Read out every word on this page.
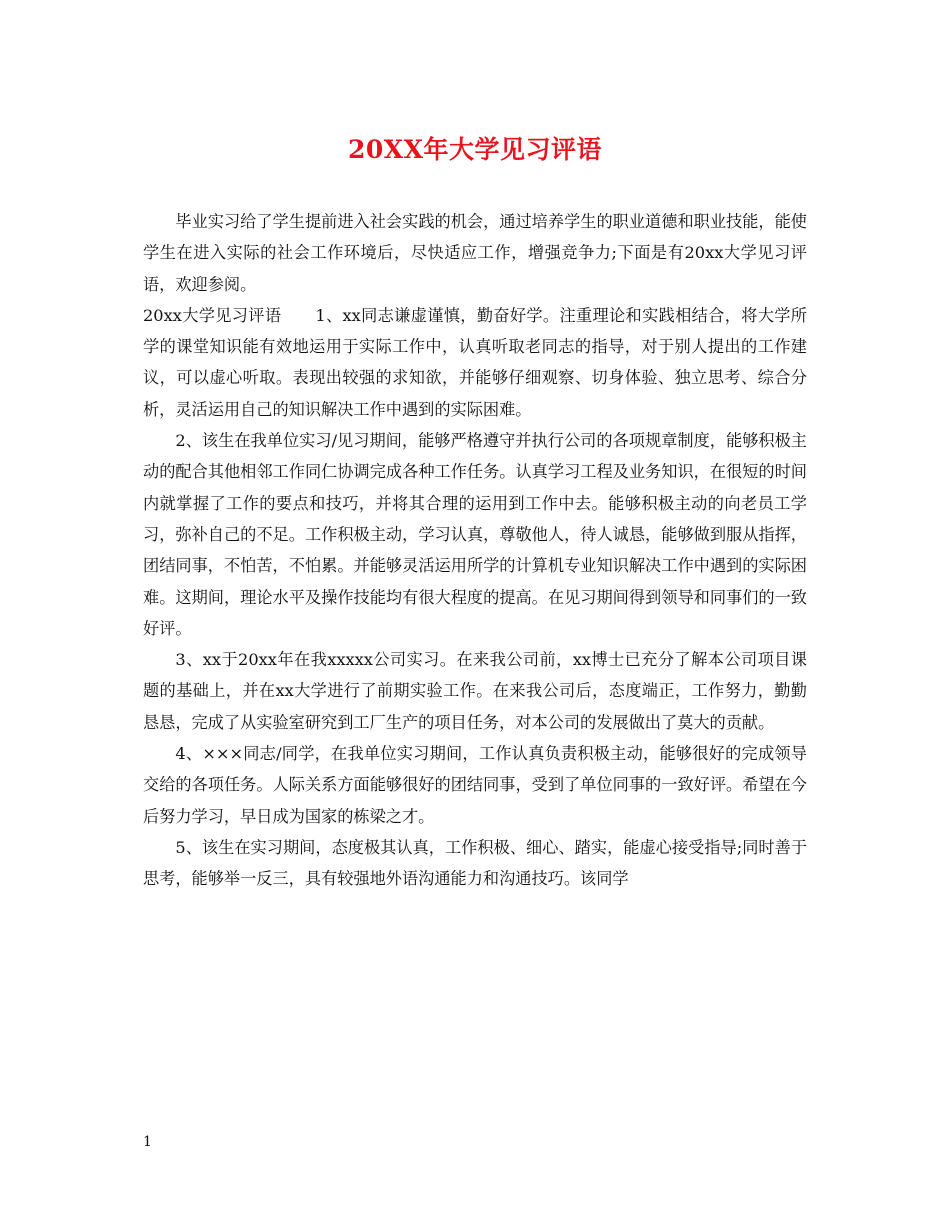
20XX年大学见习评语

毕业实习给了学生提前进入社会实践的机会，通过培养学生的职业道德和职业技能，能使学生在进入实际的社会工作环境后，尽快适应工作，增强竞争力;下面是有20xx大学见习评语，欢迎参阅。

20xx大学见习评语 1、xx同志谦虚谨慎，勤奋好学。注重理论和实践相结合，将大学所学的课堂知识能有效地运用于实际工作中，认真听取老同志的指导，对于别人提出的工作建议，可以虚心听取。表现出较强的求知欲，并能够仔细观察、切身体验、独立思考、综合分析，灵活运用自己的知识解决工作中遇到的实际困难。

2、该生在我单位实习/见习期间，能够严格遵守并执行公司的各项规章制度，能够积极主动的配合其他相邻工作同仁协调完成各种工作任务。认真学习工程及业务知识，在很短的时间内就掌握了工作的要点和技巧，并将其合理的运用到工作中去。能够积极主动的向老员工学习，弥补自己的不足。工作积极主动，学习认真，尊敬他人，待人诚恳，能够做到服从指挥，团结同事，不怕苦，不怕累。并能够灵活运用所学的计算机专业知识解决工作中遇到的实际困难。这期间，理论水平及操作技能均有很大程度的提高。在见习期间得到领导和同事们的一致好评。

3、xx于20xx年在我xxxxx公司实习。在来我公司前，xx博士已充分了解本公司项目课题的基础上，并在xx大学进行了前期实验工作。在来我公司后，态度端正，工作努力，勤勤恳恳，完成了从实验室研究到工厂生产的项目任务，对本公司的发展做出了莫大的贡献。

4、×××同志/同学，在我单位实习期间，工作认真负责积极主动，能够很好的完成领导交给的各项任务。人际关系方面能够很好的团结同事，受到了单位同事的一致好评。希望在今后努力学习，早日成为国家的栋梁之才。

5、该生在实习期间，态度极其认真，工作积极、细心、踏实，能虚心接受指导;同时善于思考，能够举一反三，具有较强地外语沟通能力和沟通技巧。该同学

1
